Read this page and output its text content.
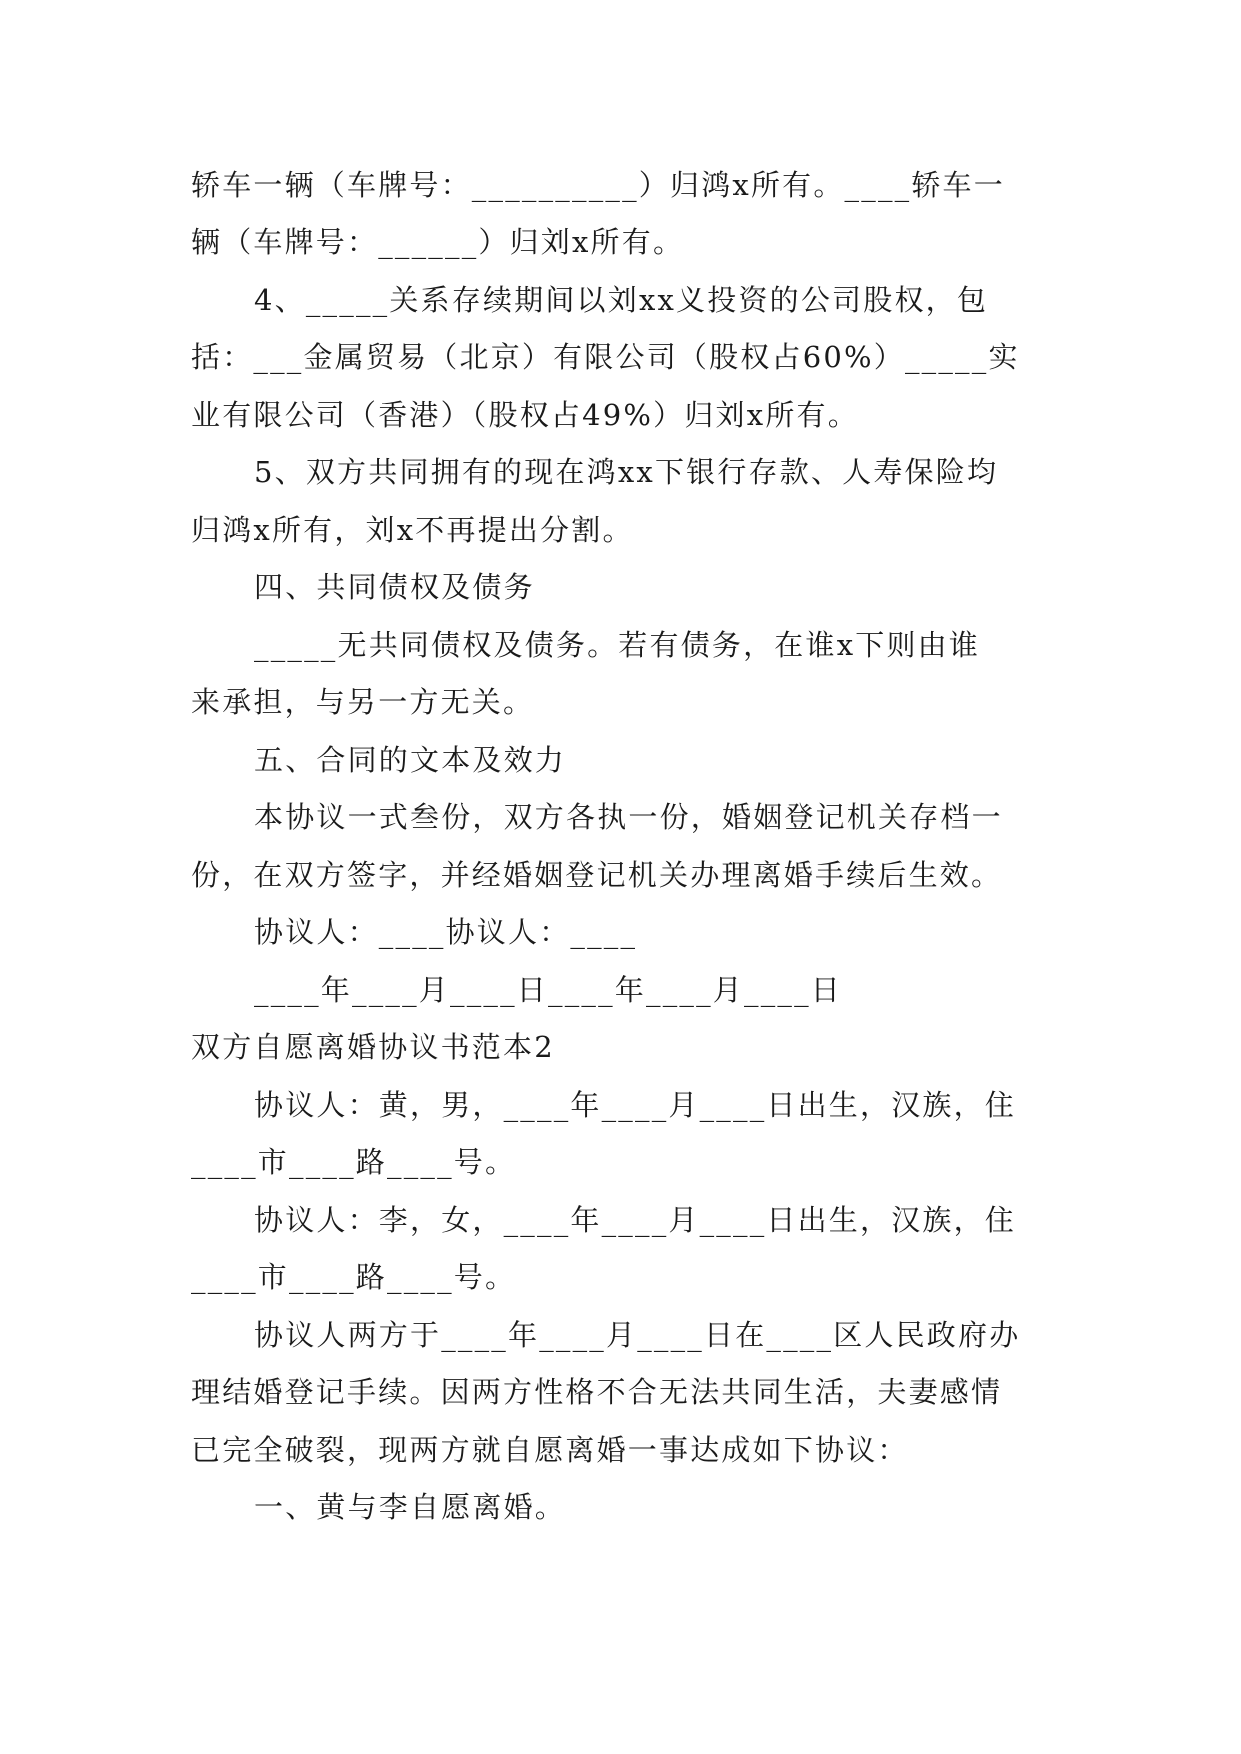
轿车一辆（车牌号：__________）归鸿x所有。____轿车一
辆（车牌号：______）归刘x所有。
4、_____关系存续期间以刘xx义投资的公司股权，包
括：___金属贸易（北京）有限公司（股权占60%）_____实
业有限公司（香港）（股权占49%）归刘x所有。
5、双方共同拥有的现在鸿xx下银行存款、人寿保险均
归鸿x所有，刘x不再提出分割。
四、共同债权及债务
_____无共同债权及债务。若有债务，在谁x下则由谁
来承担，与另一方无关。
五、合同的文本及效力
本协议一式叁份，双方各执一份，婚姻登记机关存档一
份，在双方签字，并经婚姻登记机关办理离婚手续后生效。
协议人：____协议人：____
____年____月____日____年____月____日
双方自愿离婚协议书范本2
协议人：黄，男，____年____月____日出生，汉族，住
____市____路____号。
协议人：李，女，____年____月____日出生，汉族，住
____市____路____号。
协议人两方于____年____月____日在____区人民政府办
理结婚登记手续。因两方性格不合无法共同生活，夫妻感情
已完全破裂，现两方就自愿离婚一事达成如下协议：
一、黄与李自愿离婚。
